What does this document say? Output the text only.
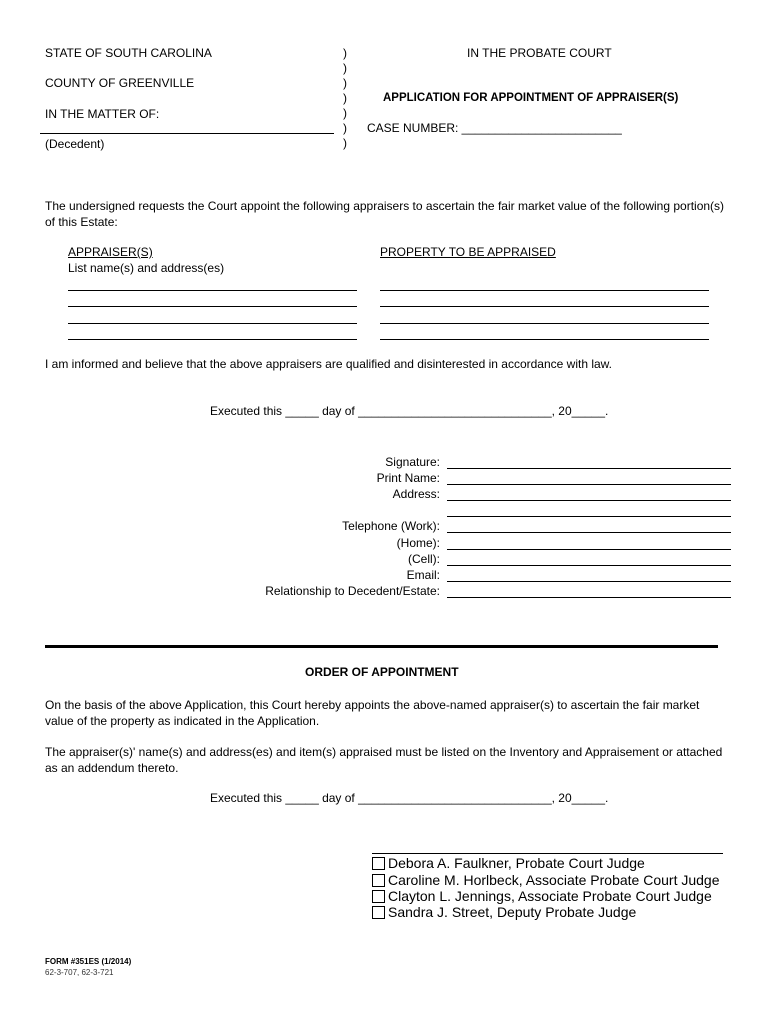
STATE OF SOUTH CAROLINA
COUNTY OF GREENVILLE
IN THE MATTER OF:
(Decedent)
)
)
)
)
)
)
)
IN THE PROBATE COURT
APPLICATION FOR APPOINTMENT OF APPRAISER(S)
CASE NUMBER: ________________________
The undersigned requests the Court appoint the following appraisers to ascertain the fair market value of the following portion(s) of this Estate:
APPRAISER(S)
List name(s) and address(es)
PROPERTY TO BE APPRAISED
I am informed and believe that the above appraisers are qualified and disinterested in accordance with law.
Executed this _____ day of _____________________________, 20_____.
Signature:
Print Name:
Address:
Telephone (Work):
(Home):
(Cell):
Email:
Relationship to Decedent/Estate:
ORDER OF APPOINTMENT
On the basis of the above Application, this Court hereby appoints the above-named appraiser(s) to ascertain the fair market value of the property as indicated in the Application.
The appraiser(s)' name(s) and address(es) and item(s) appraised must be listed on the Inventory and Appraisement or attached as an addendum thereto.
Executed this _____ day of _____________________________, 20_____.
Debora A. Faulkner, Probate Court Judge
Caroline M. Horlbeck, Associate Probate Court Judge
Clayton L. Jennings, Associate Probate Court Judge
Sandra J. Street, Deputy Probate Judge
FORM #351ES (1/2014)
62-3-707, 62-3-721
